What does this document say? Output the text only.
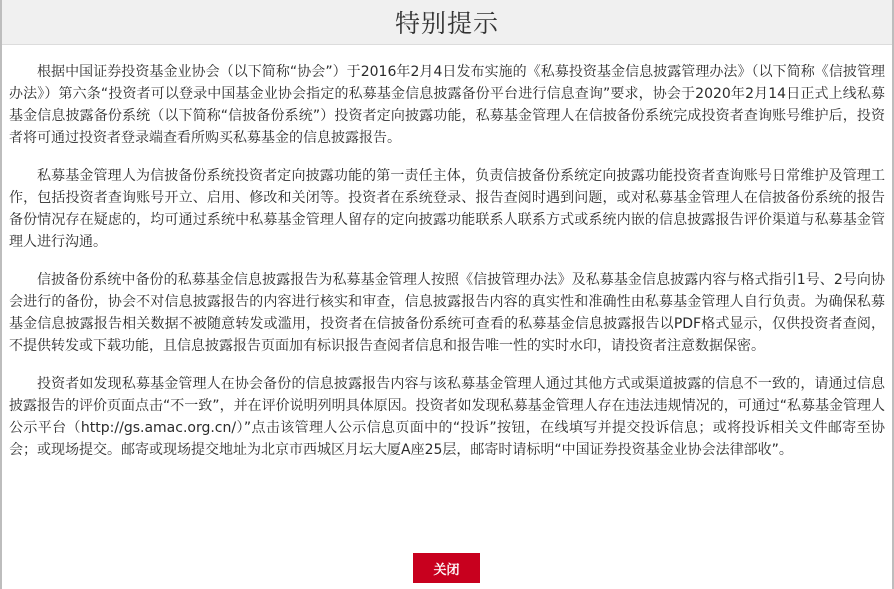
特别提示

根据中国证券投资基金业协会（以下简称“协会”）于2016年2月4日发布实施的《私募投资基金信息披露管理办法》（以下简称《信披管理办法》）第六条“投资者可以登录中国基金业协会指定的私募基金信息披露备份平台进行信息查询”要求，协会于2020年2月14日正式上线私募基金信息披露备份系统（以下简称“信披备份系统”）投资者定向披露功能，私募基金管理人在信披备份系统完成投资者查询账号维护后，投资者将可通过投资者登录端查看所购买私募基金的信息披露报告。

私募基金管理人为信披备份系统投资者定向披露功能的第一责任主体，负责信披备份系统定向披露功能投资者查询账号日常维护及管理工作，包括投资者查询账号开立、启用、修改和关闭等。投资者在系统登录、报告查阅时遇到问题，或对私募基金管理人在信披备份系统的报告备份情况存在疑虑的，均可通过系统中私募基金管理人留存的定向披露功能联系人联系方式或系统内嵌的信息披露报告评价渠道与私募基金管理人进行沟通。

信披备份系统中备份的私募基金信息披露报告为私募基金管理人按照《信披管理办法》及私募基金信息披露内容与格式指引1号、2号向协会进行的备份，协会不对信息披露报告的内容进行核实和审查，信息披露报告内容的真实性和准确性由私募基金管理人自行负责。为确保私募基金信息披露报告相关数据不被随意转发或滥用，投资者在信披备份系统可查看的私募基金信息披露报告以PDF格式显示，仅供投资者查阅，不提供转发或下载功能，且信息披露报告页面加有标识报告查阅者信息和报告唯一性的实时水印，请投资者注意数据保密。

投资者如发现私募基金管理人在协会备份的信息披露报告内容与该私募基金管理人通过其他方式或渠道披露的信息不一致的，请通过信息披露报告的评价页面点击“不一致”，并在评价说明列明具体原因。投资者如发现私募基金管理人存在违法违规情况的，可通过“私募基金管理人公示平台（http://gs.amac.org.cn/）”点击该管理人公示信息页面中的“投诉”按钮，在线填写并提交投诉信息；或将投诉相关文件邮寄至协会；或现场提交。邮寄或现场提交地址为北京市西城区月坛大厦A座25层，邮寄时请标明“中国证券投资基金业协会法律部收”。

关闭
